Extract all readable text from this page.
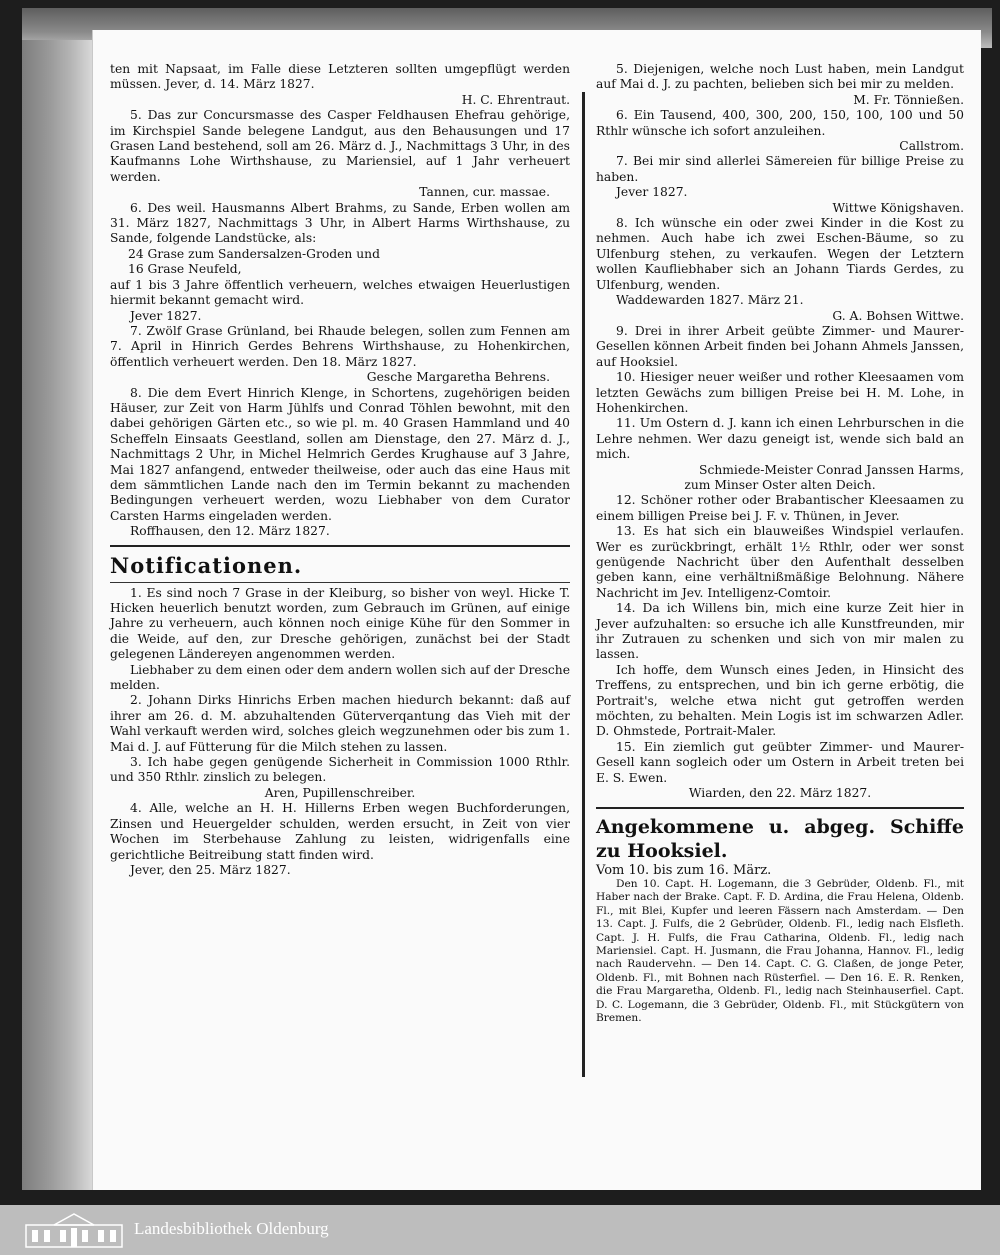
ten mit Napsaat, im Falle diese Letzteren sollten umgepflügt werden müssen. Jever, d. 14. März 1827.

H. C. Ehrentraut.

5. Das zur Concursmasse des Casper Feldhausen Ehefrau gehörige, im Kirchspiel Sande belegene Landgut, aus den Behausungen und 17 Grasen Land bestehend, soll am 26. März d. J., Nachmittags 3 Uhr, in des Kaufmanns Lohe Wirthshause, zu Mariensiel, auf 1 Jahr verheuert werden.

Tannen, cur. massae.

6. Des weil. Hausmanns Albert Brahms, zu Sande, Erben wollen am 31. März 1827, Nachmittags 3 Uhr, in Albert Harms Wirthshause, zu Sande, folgende Landstücke, als:

24 Grase zum Sandersalzen-Groden und

16 Grase Neufeld,

auf 1 bis 3 Jahre öffentlich verheuern, welches etwaigen Heuerlustigen hiermit bekannt gemacht wird.

Jever 1827.

7. Zwölf Grase Grünland, bei Rhaude belegen, sollen zum Fennen am 7. April in Hinrich Gerdes Behrens Wirthshause, zu Hohenkirchen, öffentlich verheuert werden. Den 18. März 1827.

Gesche Margaretha Behrens.

8. Die dem Evert Hinrich Klenge, in Schortens, zugehörigen beiden Häuser, zur Zeit von Harm Jühlfs und Conrad Töhlen bewohnt, mit den dabei gehörigen Gärten etc., so wie pl. m. 40 Grasen Hammland und 40 Scheffeln Einsaats Geestland, sollen am Dienstage, den 27. März d. J., Nachmittags 2 Uhr, in Michel Helmrich Gerdes Krughause auf 3 Jahre, Mai 1827 anfangend, entweder theilweise, oder auch das eine Haus mit dem sämmtlichen Lande nach den im Termin bekannt zu machenden Bedingungen verheuert werden, wozu Liebhaber von dem Curator Carsten Harms eingeladen werden.

Roffhausen, den 12. März 1827.

Notificationen.

1. Es sind noch 7 Grase in der Kleiburg, so bisher von weyl. Hicke T. Hicken heuerlich benutzt worden, zum Gebrauch im Grünen, auf einige Jahre zu verheuern, auch können noch einige Kühe für den Sommer in die Weide, auf den, zur Dresche gehörigen, zunächst bei der Stadt gelegenen Ländereyen angenommen werden.

Liebhaber zu dem einen oder dem andern wollen sich auf der Dresche melden.

2. Johann Dirks Hinrichs Erben machen hiedurch bekannt: daß auf ihrer am 26. d. M. abzuhaltenden Güterverqantung das Vieh mit der Wahl verkauft werden wird, solches gleich wegzunehmen oder bis zum 1. Mai d. J. auf Fütterung für die Milch stehen zu lassen.

3. Ich habe gegen genügende Sicherheit in Commission 1000 Rthlr. und 350 Rthlr. zinslich zu belegen.

Aren, Pupillenschreiber.

4. Alle, welche an H. H. Hillerns Erben wegen Buchforderungen, Zinsen und Heuergelder schulden, werden ersucht, in Zeit von vier Wochen im Sterbehause Zahlung zu leisten, widrigenfalls eine gerichtliche Beitreibung statt finden wird.

Jever, den 25. März 1827.

5. Diejenigen, welche noch Lust haben, mein Landgut auf Mai d. J. zu pachten, belieben sich bei mir zu melden.

M. Fr. Tönnießen.

6. Ein Tausend, 400, 300, 200, 150, 100, 100 und 50 Rthlr wünsche ich sofort anzuleihen.

Callstrom.

7. Bei mir sind allerlei Sämereien für billige Preise zu haben.

Jever 1827.

Wittwe Königshaven.

8. Ich wünsche ein oder zwei Kinder in die Kost zu nehmen. Auch habe ich zwei Eschen-Bäume, so zu Ulfenburg stehen, zu verkaufen. Wegen der Letztern wollen Kaufliebhaber sich an Johann Tiards Gerdes, zu Ulfenburg, wenden.

Waddewarden 1827. März 21.

G. A. Bohsen Wittwe.

9. Drei in ihrer Arbeit geübte Zimmer- und Maurer-Gesellen können Arbeit finden bei Johann Ahmels Janssen, auf Hooksiel.

10. Hiesiger neuer weißer und rother Kleesaamen vom letzten Gewächs zum billigen Preise bei H. M. Lohe, in Hohenkirchen.

11. Um Ostern d. J. kann ich einen Lehrburschen in die Lehre nehmen. Wer dazu geneigt ist, wende sich bald an mich.

Schmiede-Meister Conrad Janssen Harms,

zum Minser Oster alten Deich.

12. Schöner rother oder Brabantischer Kleesaamen zu einem billigen Preise bei J. F. v. Thünen, in Jever.

13. Es hat sich ein blauweißes Windspiel verlaufen. Wer es zurückbringt, erhält 1½ Rthlr, oder wer sonst genügende Nachricht über den Aufenthalt desselben geben kann, eine verhältnißmäßige Belohnung. Nähere Nachricht im Jev. Intelligenz-Comtoir.

14. Da ich Willens bin, mich eine kurze Zeit hier in Jever aufzuhalten: so ersuche ich alle Kunstfreunden, mir ihr Zutrauen zu schenken und sich von mir malen zu lassen.

Ich hoffe, dem Wunsch eines Jeden, in Hinsicht des Treffens, zu entsprechen, und bin ich gerne erbötig, die Portrait's, welche etwa nicht gut getroffen werden möchten, zu behalten. Mein Logis ist im schwarzen Adler. D. Ohmstede, Portrait-Maler.

15. Ein ziemlich gut geübter Zimmer- und Maurer-Gesell kann sogleich oder um Ostern in Arbeit treten bei E. S. Ewen.

Wiarden, den 22. März 1827.

Angekommene u. abgeg. Schiffe zu Hooksiel.

Vom 10. bis zum 16. März.

Den 10. Capt. H. Logemann, die 3 Gebrüder, Oldenb. Fl., mit Haber nach der Brake. Capt. F. D. Ardina, die Frau Helena, Oldenb. Fl., mit Blei, Kupfer und leeren Fässern nach Amsterdam. — Den 13. Capt. J. Fulfs, die 2 Gebrüder, Oldenb. Fl., ledig nach Elsfleth. Capt. J. H. Fulfs, die Frau Catharina, Oldenb. Fl., ledig nach Mariensiel. Capt. H. Jusmann, die Frau Johanna, Hannov. Fl., ledig nach Raudervehn. — Den 14. Capt. C. G. Claßen, de jonge Peter, Oldenb. Fl., mit Bohnen nach Rüsterfiel. — Den 16. E. R. Renken, die Frau Margaretha, Oldenb. Fl., ledig nach Steinhauserfiel. Capt. D. C. Logemann, die 3 Gebrüder, Oldenb. Fl., mit Stückgütern von Bremen.

Landesbibliothek Oldenburg
